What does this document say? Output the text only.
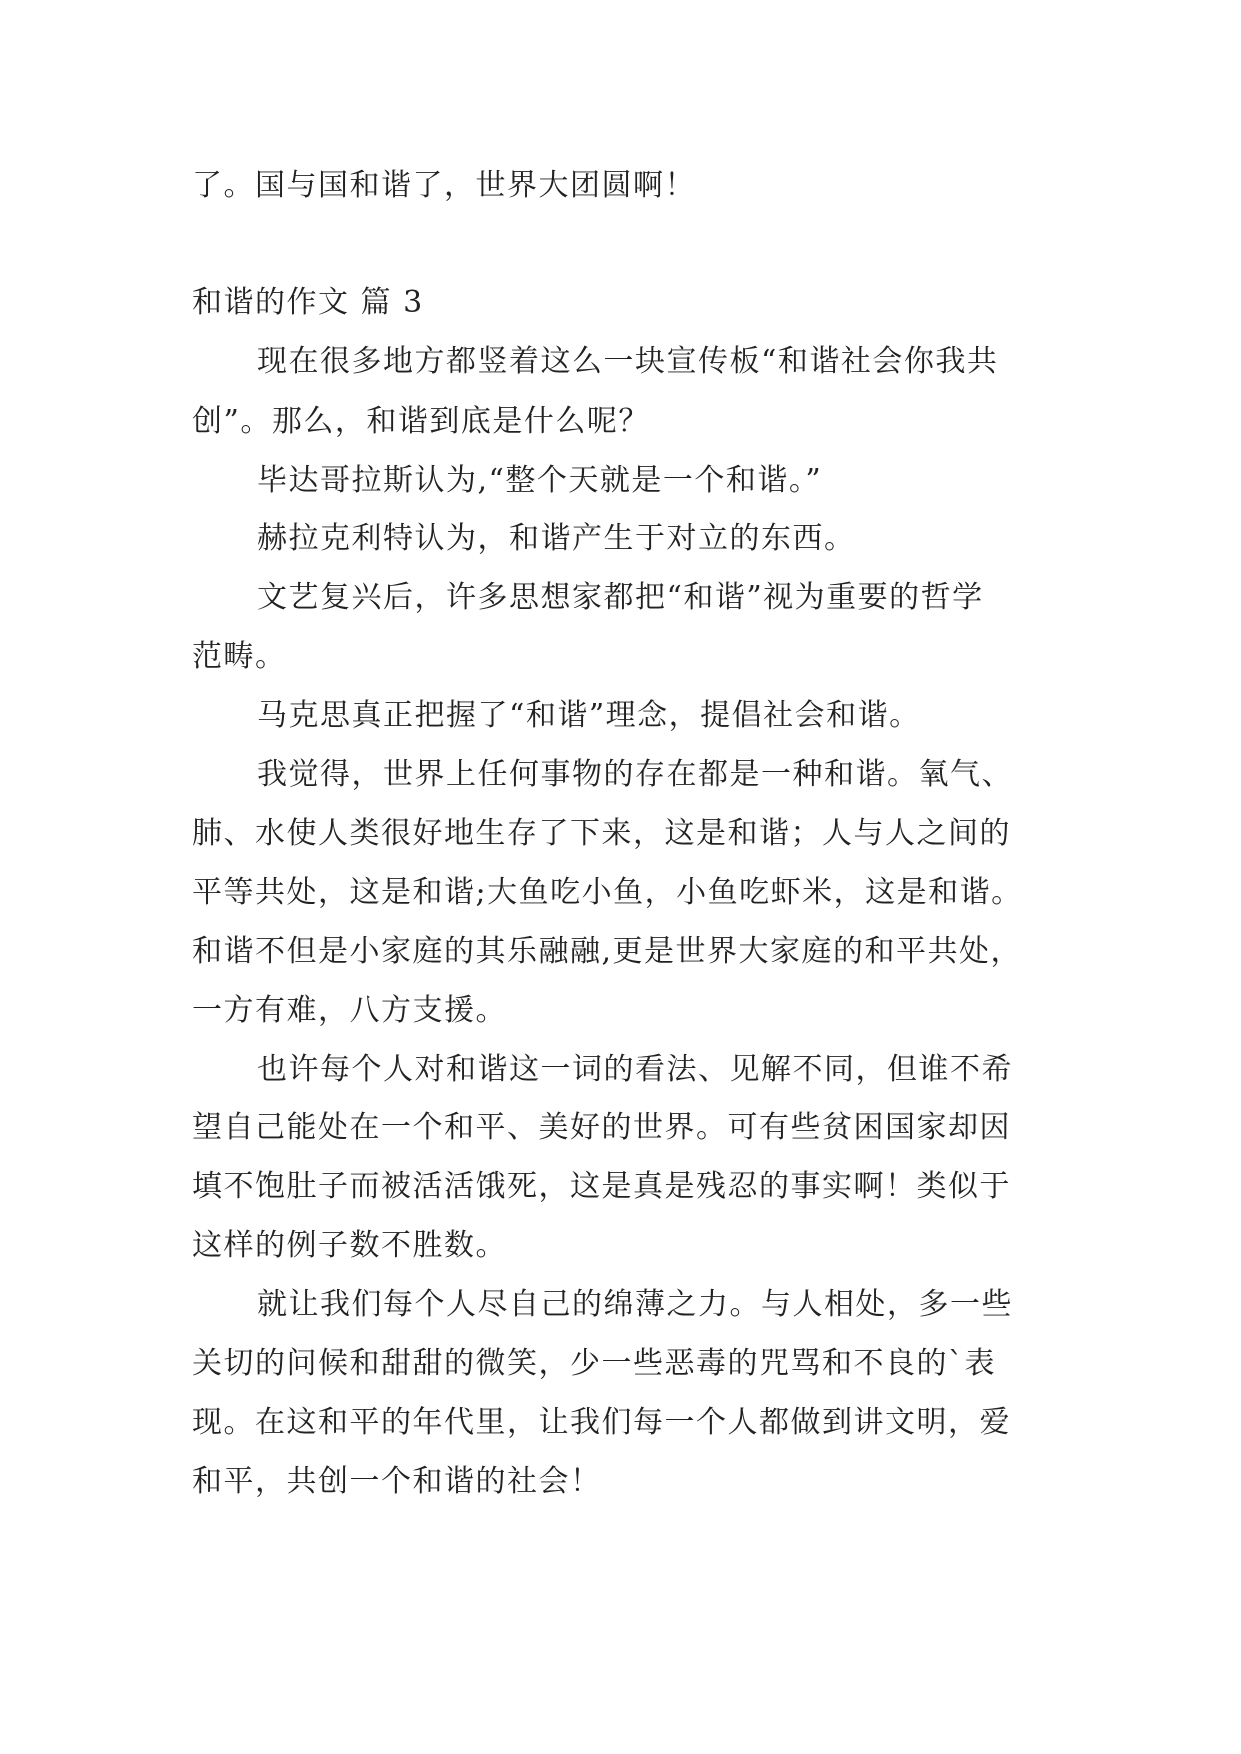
了。国与国和谐了，世界大团圆啊！
和谐的作文 篇 3
现在很多地方都竖着这么一块宣传板“和谐社会你我共
创”。那么，和谐到底是什么呢？
毕达哥拉斯认为,“整个天就是一个和谐。”
赫拉克利特认为，和谐产生于对立的东西。
文艺复兴后，许多思想家都把“和谐”视为重要的哲学
范畴。
马克思真正把握了“和谐”理念，提倡社会和谐。
我觉得，世界上任何事物的存在都是一种和谐。氧气、
肺、水使人类很好地生存了下来，这是和谐；人与人之间的
平等共处，这是和谐;大鱼吃小鱼，小鱼吃虾米，这是和谐。
和谐不但是小家庭的其乐融融,更是世界大家庭的和平共处，
一方有难，八方支援。
也许每个人对和谐这一词的看法、见解不同，但谁不希
望自己能处在一个和平、美好的世界。可有些贫困国家却因
填不饱肚子而被活活饿死，这是真是残忍的事实啊！类似于
这样的例子数不胜数。
就让我们每个人尽自己的绵薄之力。与人相处，多一些
关切的问候和甜甜的微笑，少一些恶毒的咒骂和不良的`表
现。在这和平的年代里，让我们每一个人都做到讲文明，爱
和平，共创一个和谐的社会！
